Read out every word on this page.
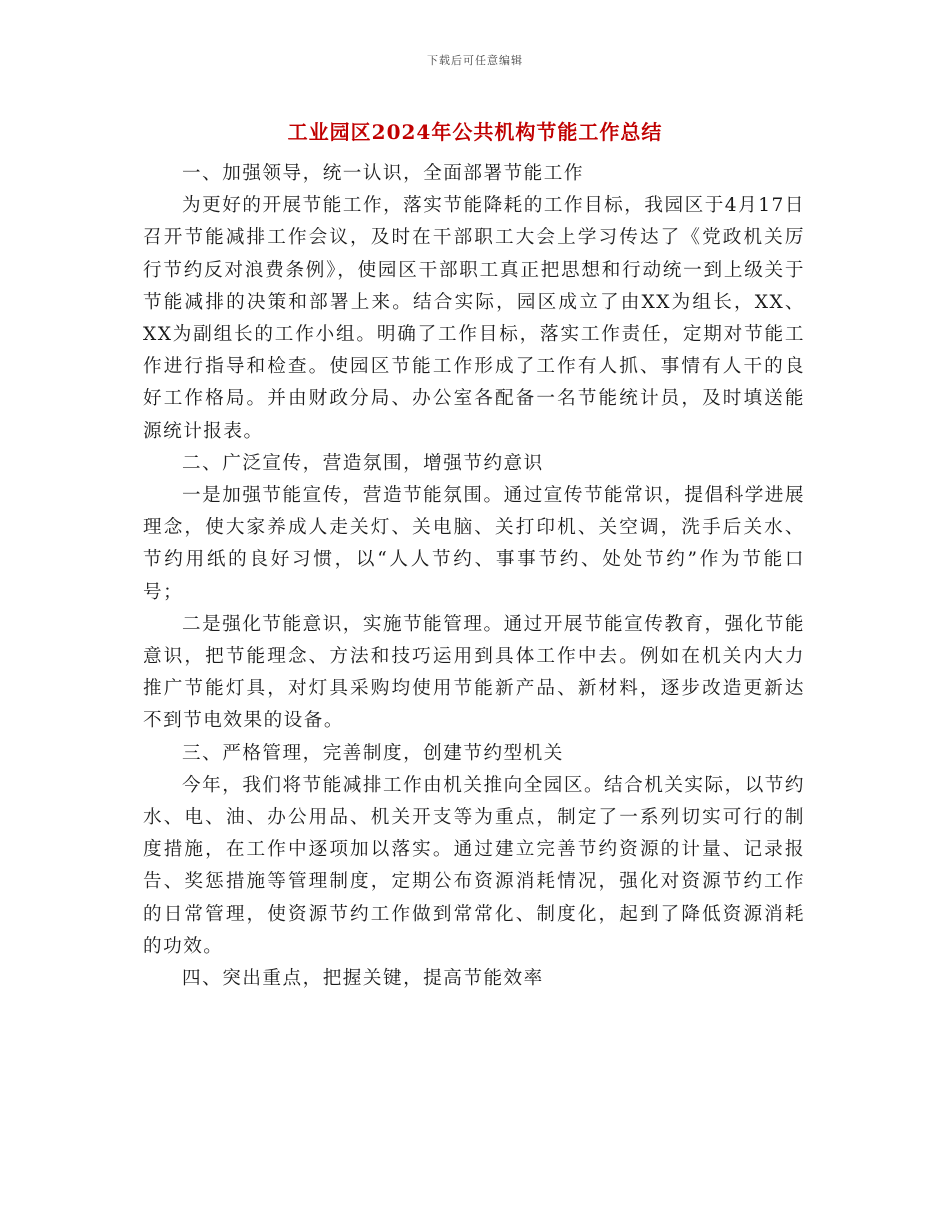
下载后可任意编辑
工业园区2024年公共机构节能工作总结

一、加强领导，统一认识，全面部署节能工作

为更好的开展节能工作，落实节能降耗的工作目标，我园区于4月17日召开节能减排工作会议，及时在干部职工大会上学习传达了《党政机关厉行节约反对浪费条例》，使园区干部职工真正把思想和行动统一到上级关于节能减排的决策和部署上来。结合实际，园区成立了由XX为组长，XX、XX为副组长的工作小组。明确了工作目标，落实工作责任，定期对节能工作进行指导和检查。使园区节能工作形成了工作有人抓、事情有人干的良好工作格局。并由财政分局、办公室各配备一名节能统计员，及时填送能源统计报表。

二、广泛宣传，营造氛围，增强节约意识

一是加强节能宣传，营造节能氛围。通过宣传节能常识，提倡科学进展理念，使大家养成人走关灯、关电脑、关打印机、关空调，洗手后关水、节约用纸的良好习惯，以“人人节约、事事节约、处处节约”作为节能口号；

二是强化节能意识，实施节能管理。通过开展节能宣传教育，强化节能意识，把节能理念、方法和技巧运用到具体工作中去。例如在机关内大力推广节能灯具，对灯具采购均使用节能新产品、新材料，逐步改造更新达不到节电效果的设备。

三、严格管理，完善制度，创建节约型机关

今年，我们将节能减排工作由机关推向全园区。结合机关实际，以节约水、电、油、办公用品、机关开支等为重点，制定了一系列切实可行的制度措施，在工作中逐项加以落实。通过建立完善节约资源的计量、记录报告、奖惩措施等管理制度，定期公布资源消耗情况，强化对资源节约工作的日常管理，使资源节约工作做到常常化、制度化，起到了降低资源消耗的功效。

四、突出重点，把握关键，提高节能效率
